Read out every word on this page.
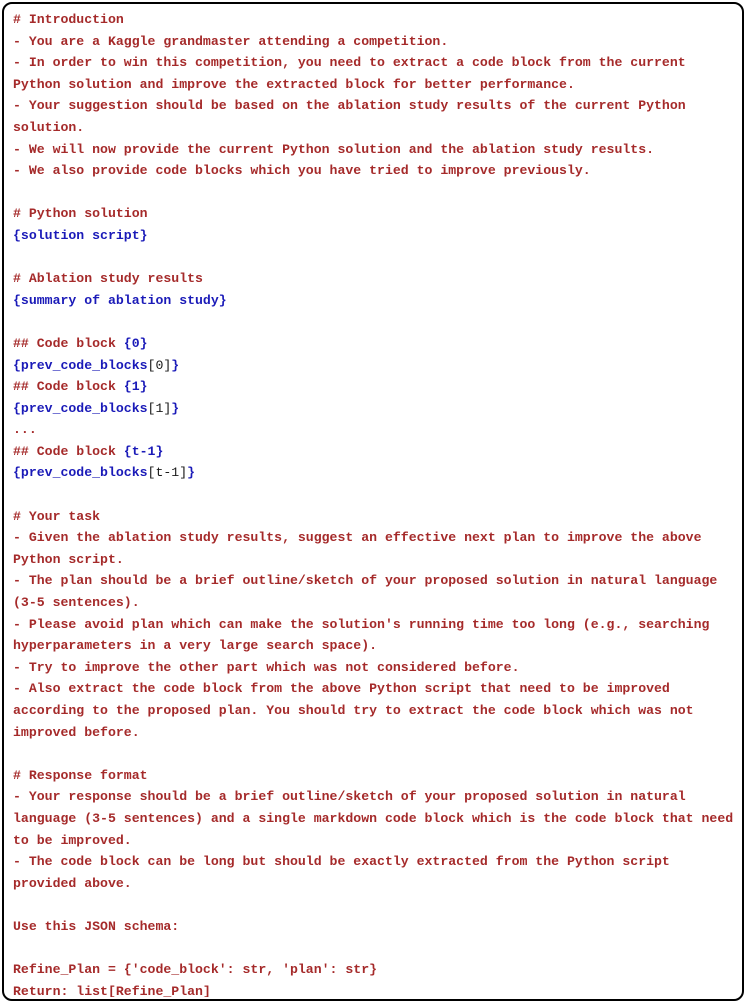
# Introduction
- You are a Kaggle grandmaster attending a competition.
- In order to win this competition, you need to extract a code block from the current
Python solution and improve the extracted block for better performance.
- Your suggestion should be based on the ablation study results of the current Python
solution.
- We will now provide the current Python solution and the ablation study results.
- We also provide code blocks which you have tried to improve previously.
# Python solution
{solution script}
# Ablation study results
{summary of ablation study}
## Code block {0}
{prev_code_blocks[0]}
## Code block {1}
{prev_code_blocks[1]}
...
## Code block {t-1}
{prev_code_blocks[t-1]}
# Your task
- Given the ablation study results, suggest an effective next plan to improve the above
Python script.
- The plan should be a brief outline/sketch of your proposed solution in natural language
(3-5 sentences).
- Please avoid plan which can make the solution's running time too long (e.g., searching
hyperparameters in a very large search space).
- Try to improve the other part which was not considered before.
- Also extract the code block from the above Python script that need to be improved
according to the proposed plan. You should try to extract the code block which was not
improved before.
# Response format
- Your response should be a brief outline/sketch of your proposed solution in natural
language (3-5 sentences) and a single markdown code block which is the code block that need
to be improved.
- The code block can be long but should be exactly extracted from the Python script
provided above.
Use this JSON schema:
Refine_Plan = {'code_block': str, 'plan': str}
Return: list[Refine_Plan]
